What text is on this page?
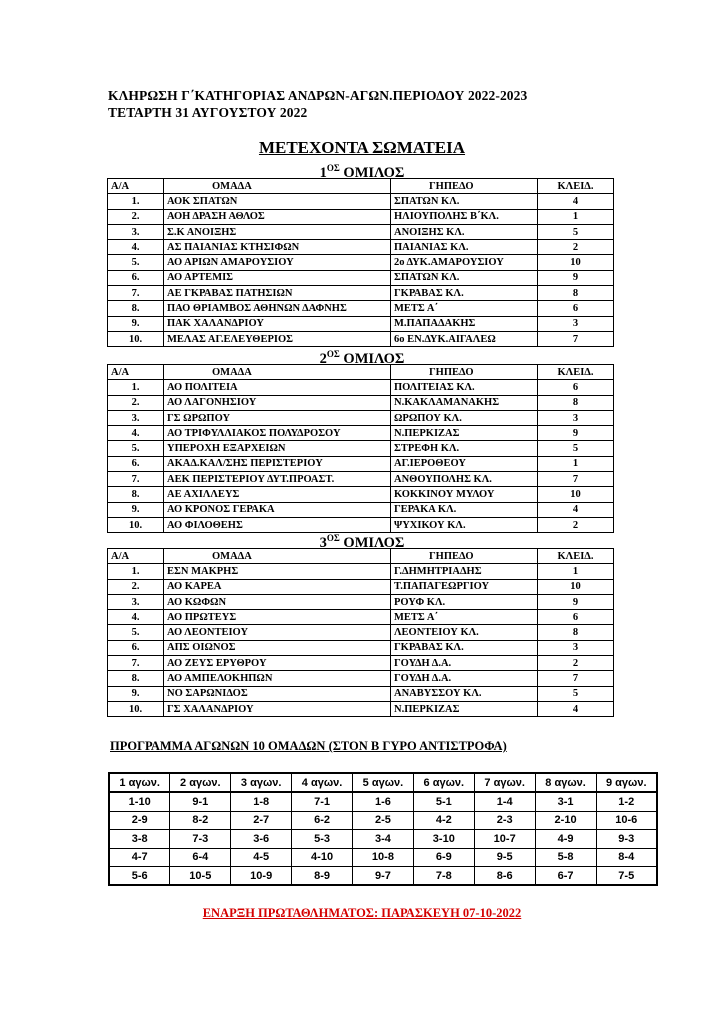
ΚΛΗΡΩΣΗ Γ΄ΚΑΤΗΓΟΡΙΑΣ ΑΝΔΡΩΝ-ΑΓΩΝ.ΠΕΡΙΟΔΟΥ 2022-2023
ΤΕΤΑΡΤΗ 31 ΑΥΓΟΥΣΤΟΥ 2022
ΜΕΤΕΧΟΝΤΑ ΣΩΜΑΤΕΙΑ
$1^{O\Sigma}$ ΟΜΙΛΟΣ
Α/Α	ΟΜΑΔΑ	ΓΗΠΕΔΟ	ΚΛΕΙΔ.
1.	ΑΟΚ ΣΠΑΤΩΝ	ΣΠΑΤΩΝ ΚΛ.	4
2.	ΑΟΗ ΔΡΑΣΗ ΑΘΛΟΣ	ΗΛΙΟΥΠΟΛΗΣ Β΄ΚΛ.	1
3.	Σ.Κ ΑΝΟΙΞΗΣ	ΑΝΟΙΞΗΣ ΚΛ.	5
4.	ΑΣ ΠΑΙΑΝΙΑΣ ΚΤΗΣΙΦΩΝ	ΠΑΙΑΝΙΑΣ ΚΛ.	2
5.	ΑΟ ΑΡΙΩΝ ΑΜΑΡΟΥΣΙΟΥ	2ο ΔΥΚ.ΑΜΑΡΟΥΣΙΟΥ	10
6.	ΑΟ ΑΡΤΕΜΙΣ	ΣΠΑΤΩΝ ΚΛ.	9
7.	ΑΕ ΓΚΡΑΒΑΣ ΠΑΤΗΣΙΩΝ	ΓΚΡΑΒΑΣ ΚΛ.	8
8.	ΠΑΟ ΘΡΙΑΜΒΟΣ ΑΘΗΝΩΝ ΔΑΦΝΗΣ	ΜΕΤΣ Α΄	6
9.	ΠΑΚ ΧΑΛΑΝΔΡΙΟΥ	Μ.ΠΑΠΑΔΑΚΗΣ	3
10.	ΜΕΛΑΣ ΑΓ.ΕΛΕΥΘΕΡΙΟΣ	6ο ΕΝ.ΔΥΚ.ΑΙΓΑΛΕΩ	7
$2^{O\Sigma}$ ΟΜΙΛΟΣ
Α/Α	ΟΜΑΔΑ	ΓΗΠΕΔΟ	ΚΛΕΙΔ.
1.	ΑΟ ΠΟΛΙΤΕΙΑ	ΠΟΛΙΤΕΙΑΣ ΚΛ.	6
2.	ΑΟ ΛΑΓΟΝΗΣΙΟΥ	Ν.ΚΑΚΛΑΜΑΝΑΚΗΣ	8
3.	ΓΣ ΩΡΩΠΟΥ	ΩΡΩΠΟΥ ΚΛ.	3
4.	ΑΟ ΤΡΙΦΥΛΛΙΑΚΟΣ ΠΟΛΥΔΡΟΣΟΥ	Ν.ΠΕΡΚΙΖΑΣ	9
5.	ΥΠΕΡΟΧΗ ΕΞΑΡΧΕΙΩΝ	ΣΤΡΕΦΗ ΚΛ.	5
6.	ΑΚΑΔ.ΚΑΛ/ΣΗΣ ΠΕΡΙΣΤΕΡΙΟΥ	ΑΓ.ΙΕΡΟΘΕΟΥ	1
7.	ΑΕΚ ΠΕΡΙΣΤΕΡΙΟΥ ΔΥΤ.ΠΡΟΑΣΤ.	ΑΝΘΟΥΠΟΛΗΣ ΚΛ.	7
8.	ΑΕ ΑΧΙΛΛΕΥΣ	ΚΟΚΚΙΝΟΥ ΜΥΛΟΥ	10
9.	ΑΟ ΚΡΟΝΟΣ ΓΕΡΑΚΑ	ΓΕΡΑΚΑ ΚΛ.	4
10.	ΑΟ ΦΙΛΟΘΕΗΣ	ΨΥΧΙΚΟΥ ΚΛ.	2
$3^{O\Sigma}$ ΟΜΙΛΟΣ
Α/Α	ΟΜΑΔΑ	ΓΗΠΕΔΟ	ΚΛΕΙΔ.
1.	ΕΣΝ ΜΑΚΡΗΣ	Γ.ΔΗΜΗΤΡΙΑΔΗΣ	1
2.	ΑΟ ΚΑΡΕΑ	Τ.ΠΑΠΑΓΕΩΡΓΙΟΥ	10
3.	ΑΟ ΚΩΦΩΝ	ΡΟΥΦ ΚΛ.	9
4.	ΑΟ ΠΡΩΤΕΥΣ	ΜΕΤΣ Α΄	6
5.	ΑΟ ΛΕΟΝΤΕΙΟΥ	ΛΕΟΝΤΕΙΟΥ ΚΛ.	8
6.	ΑΠΣ ΟΙΩΝΟΣ	ΓΚΡΑΒΑΣ ΚΛ.	3
7.	ΑΟ ΖΕΥΣ ΕΡΥΘΡΟΥ	ΓΟΥΔΗ Δ.Α.	2
8.	ΑΟ ΑΜΠΕΛΟΚΗΠΩΝ	ΓΟΥΔΗ Δ.Α.	7
9.	ΝΟ ΣΑΡΩΝΙΔΟΣ	ΑΝΑΒΥΣΣΟΥ ΚΛ.	5
10.	ΓΣ ΧΑΛΑΝΔΡΙΟΥ	Ν.ΠΕΡΚΙΖΑΣ	4
ΠΡΟΓΡΑΜΜΑ ΑΓΩΝΩΝ 10 ΟΜΑΔΩΝ (ΣΤΟΝ Β ΓΥΡΟ ΑΝΤΙΣΤΡΟΦΑ)
1 αγων.	2 αγων.	3 αγων.	4 αγων.	5 αγων.	6 αγων.	7 αγων.	8 αγων.	9 αγων.
1-10	9-1	1-8	7-1	1-6	5-1	1-4	3-1	1-2
2-9	8-2	2-7	6-2	2-5	4-2	2-3	2-10	10-6
3-8	7-3	3-6	5-3	3-4	3-10	10-7	4-9	9-3
4-7	6-4	4-5	4-10	10-8	6-9	9-5	5-8	8-4
5-6	10-5	10-9	8-9	9-7	7-8	8-6	6-7	7-5
ΕΝΑΡΞΗ ΠΡΩΤΑΘΛΗΜΑΤΟΣ: ΠΑΡΑΣΚΕΥΗ 07-10-2022
